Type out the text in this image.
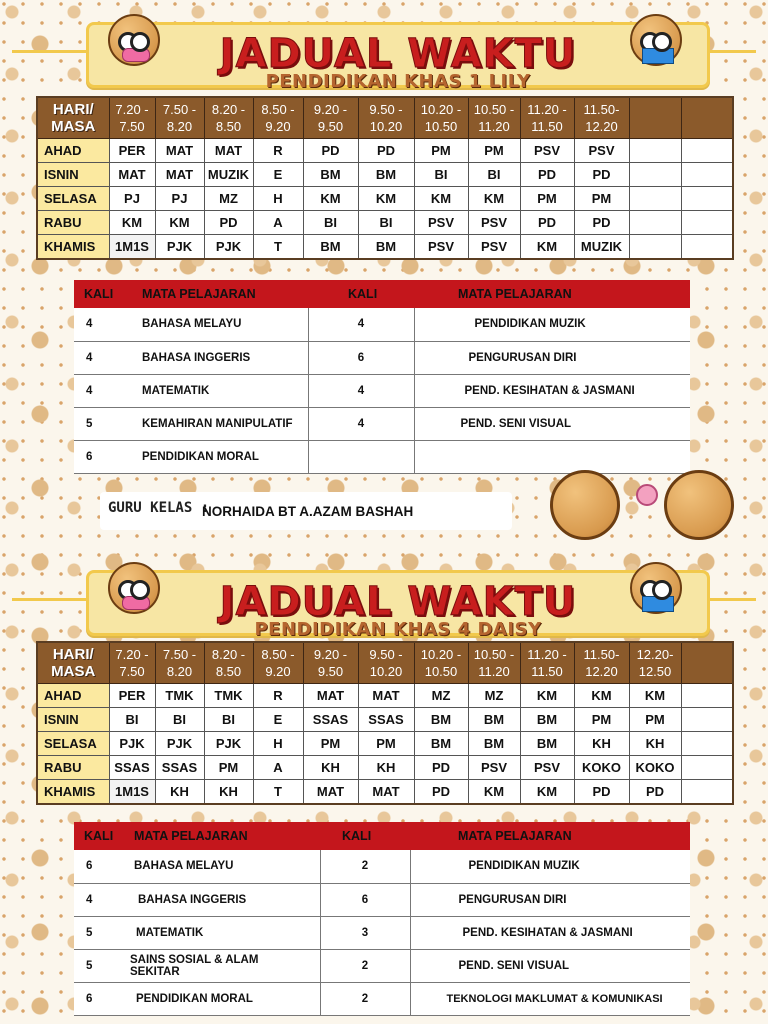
JADUAL WAKTU
PENDIDIKAN KHAS 1 LILY
HARI/ MASA	7.20 - 7.50	7.50 - 8.20	8.20 - 8.50	8.50 - 9.20	9.20 - 9.50	9.50 - 10.20	10.20 - 10.50	10.50 - 11.20	11.20 - 11.50	11.50- 12.20		
AHAD	PER	MAT	MAT	R	PD	PD	PM	PM	PSV	PSV		
ISNIN	MAT	MAT	MUZIK	E	BM	BM	BI	BI	PD	PD		
SELASA	PJ	PJ	MZ	H	KM	KM	KM	KM	PM	PM		
RABU	KM	KM	PD	A	BI	BI	PSV	PSV	PD	PD		
KHAMIS	1M1S	PJK	PJK	T	BM	BM	PSV	PSV	KM	MUZIK		
KALI	MATA PELAJARAN	KALI	MATA PELAJARAN
4	BAHASA MELAYU	4	PENDIDIKAN MUZIK
4	BAHASA INGGERIS	6	PENGURUSAN DIRI
4	MATEMATIK	4	PEND. KESIHATAN & JASMANI
5	KEMAHIRAN MANIPULATIF	4	PEND. SENI VISUAL
6	PENDIDIKAN MORAL		
GURU KELAS :
NORHAIDA BT A.AZAM BASHAH
JADUAL WAKTU
PENDIDIKAN KHAS 4 DAISY
HARI/ MASA	7.20 - 7.50	7.50 - 8.20	8.20 - 8.50	8.50 - 9.20	9.20 - 9.50	9.50 - 10.20	10.20 - 10.50	10.50 - 11.20	11.20 - 11.50	11.50- 12.20	12.20- 12.50	
AHAD	PER	TMK	TMK	R	MAT	MAT	MZ	MZ	KM	KM	KM	
ISNIN	BI	BI	BI	E	SSAS	SSAS	BM	BM	BM	PM	PM	
SELASA	PJK	PJK	PJK	H	PM	PM	BM	BM	BM	KH	KH	
RABU	SSAS	SSAS	PM	A	KH	KH	PD	PSV	PSV	KOKO	KOKO	
KHAMIS	1M1S	KH	KH	T	MAT	MAT	PD	KM	KM	PD	PD	
KALI	MATA PELAJARAN	KALI	MATA PELAJARAN
6	BAHASA MELAYU	2	PENDIDIKAN MUZIK
4	BAHASA INGGERIS	6	PENGURUSAN DIRI
5	MATEMATIK	3	PEND. KESIHATAN & JASMANI
5	SAINS SOSIAL & ALAM SEKITAR	2	PEND. SENI VISUAL
6	PENDIDIKAN MORAL	2	TEKNOLOGI MAKLUMAT & KOMUNIKASI
